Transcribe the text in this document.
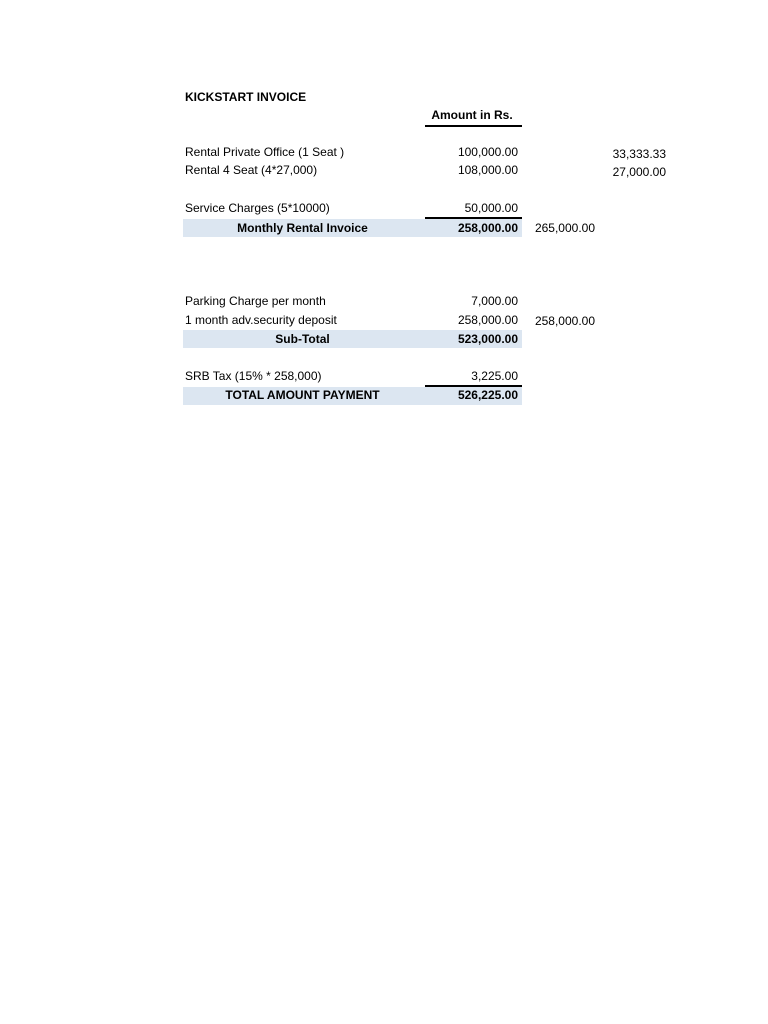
KICKSTART INVOICE
Amount in Rs.
Rental Private Office (1 Seat )	100,000.00	33,333.33
Rental 4 Seat (4*27,000)	108,000.00	27,000.00
Service Charges (5*10000)	50,000.00
Monthly Rental Invoice	258,000.00	265,000.00
Parking Charge per month	7,000.00
1 month adv.security deposit	258,000.00	258,000.00
Sub-Total	523,000.00
SRB Tax (15% * 258,000)	3,225.00
TOTAL AMOUNT PAYMENT	526,225.00
